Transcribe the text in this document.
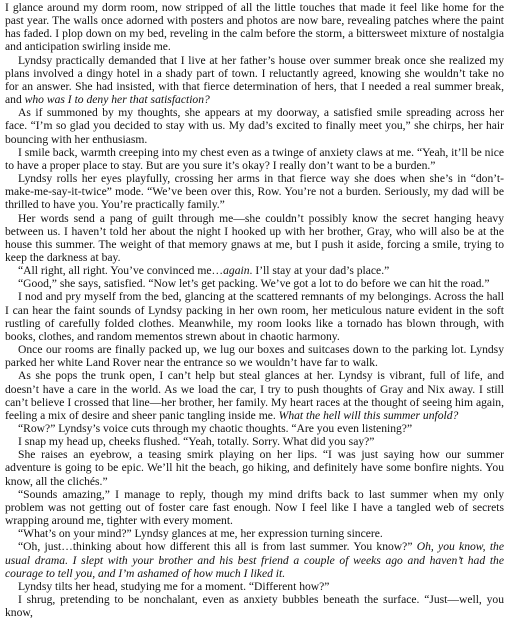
I glance around my dorm room, now stripped of all the little touches that made it feel like home for the past year. The walls once adorned with posters and photos are now bare, revealing patches where the paint has faded. I plop down on my bed, reveling in the calm before the storm, a bittersweet mixture of nostalgia and anticipation swirling inside me.

Lyndsy practically demanded that I live at her father’s house over summer break once she realized my plans involved a dingy hotel in a shady part of town. I reluctantly agreed, knowing she wouldn’t take no for an answer. She had insisted, with that fierce determination of hers, that I needed a real summer break, and who was I to deny her that satisfaction?

As if summoned by my thoughts, she appears at my doorway, a satisfied smile spreading across her face. “I’m so glad you decided to stay with us. My dad’s excited to finally meet you,” she chirps, her hair bouncing with her enthusiasm.

I smile back, warmth creeping into my chest even as a twinge of anxiety claws at me. “Yeah, it’ll be nice to have a proper place to stay. But are you sure it’s okay? I really don’t want to be a burden.”

Lyndsy rolls her eyes playfully, crossing her arms in that fierce way she does when she’s in “don’t-make-me-say-it-twice” mode. “We’ve been over this, Row. You’re not a burden. Seriously, my dad will be thrilled to have you. You’re practically family.”

Her words send a pang of guilt through me—she couldn’t possibly know the secret hanging heavy between us. I haven’t told her about the night I hooked up with her brother, Gray, who will also be at the house this summer. The weight of that memory gnaws at me, but I push it aside, forcing a smile, trying to keep the darkness at bay.

“All right, all right. You’ve convinced me…again. I’ll stay at your dad’s place.”

“Good,” she says, satisfied. “Now let’s get packing. We’ve got a lot to do before we can hit the road.”

I nod and pry myself from the bed, glancing at the scattered remnants of my belongings. Across the hall I can hear the faint sounds of Lyndsy packing in her own room, her meticulous nature evident in the soft rustling of carefully folded clothes. Meanwhile, my room looks like a tornado has blown through, with books, clothes, and random mementos strewn about in chaotic harmony.

Once our rooms are finally packed up, we lug our boxes and suitcases down to the parking lot. Lyndsy parked her white Land Rover near the entrance so we wouldn’t have far to walk.

As she pops the trunk open, I can’t help but steal glances at her. Lyndsy is vibrant, full of life, and doesn’t have a care in the world. As we load the car, I try to push thoughts of Gray and Nix away. I still can’t believe I crossed that line—her brother, her family. My heart races at the thought of seeing him again, feeling a mix of desire and sheer panic tangling inside me. What the hell will this summer unfold?

“Row?” Lyndsy’s voice cuts through my chaotic thoughts. “Are you even listening?”

I snap my head up, cheeks flushed. “Yeah, totally. Sorry. What did you say?”

She raises an eyebrow, a teasing smirk playing on her lips. “I was just saying how our summer adventure is going to be epic. We’ll hit the beach, go hiking, and definitely have some bonfire nights. You know, all the clichés.”

“Sounds amazing,” I manage to reply, though my mind drifts back to last summer when my only problem was not getting out of foster care fast enough. Now I feel like I have a tangled web of secrets wrapping around me, tighter with every moment.

“What’s on your mind?” Lyndsy glances at me, her expression turning sincere.

“Oh, just…thinking about how different this all is from last summer. You know?” Oh, you know, the usual drama. I slept with your brother and his best friend a couple of weeks ago and haven’t had the courage to tell you, and I’m ashamed of how much I liked it.

Lyndsy tilts her head, studying me for a moment. “Different how?”

I shrug, pretending to be nonchalant, even as anxiety bubbles beneath the surface. “Just—well, you know,
